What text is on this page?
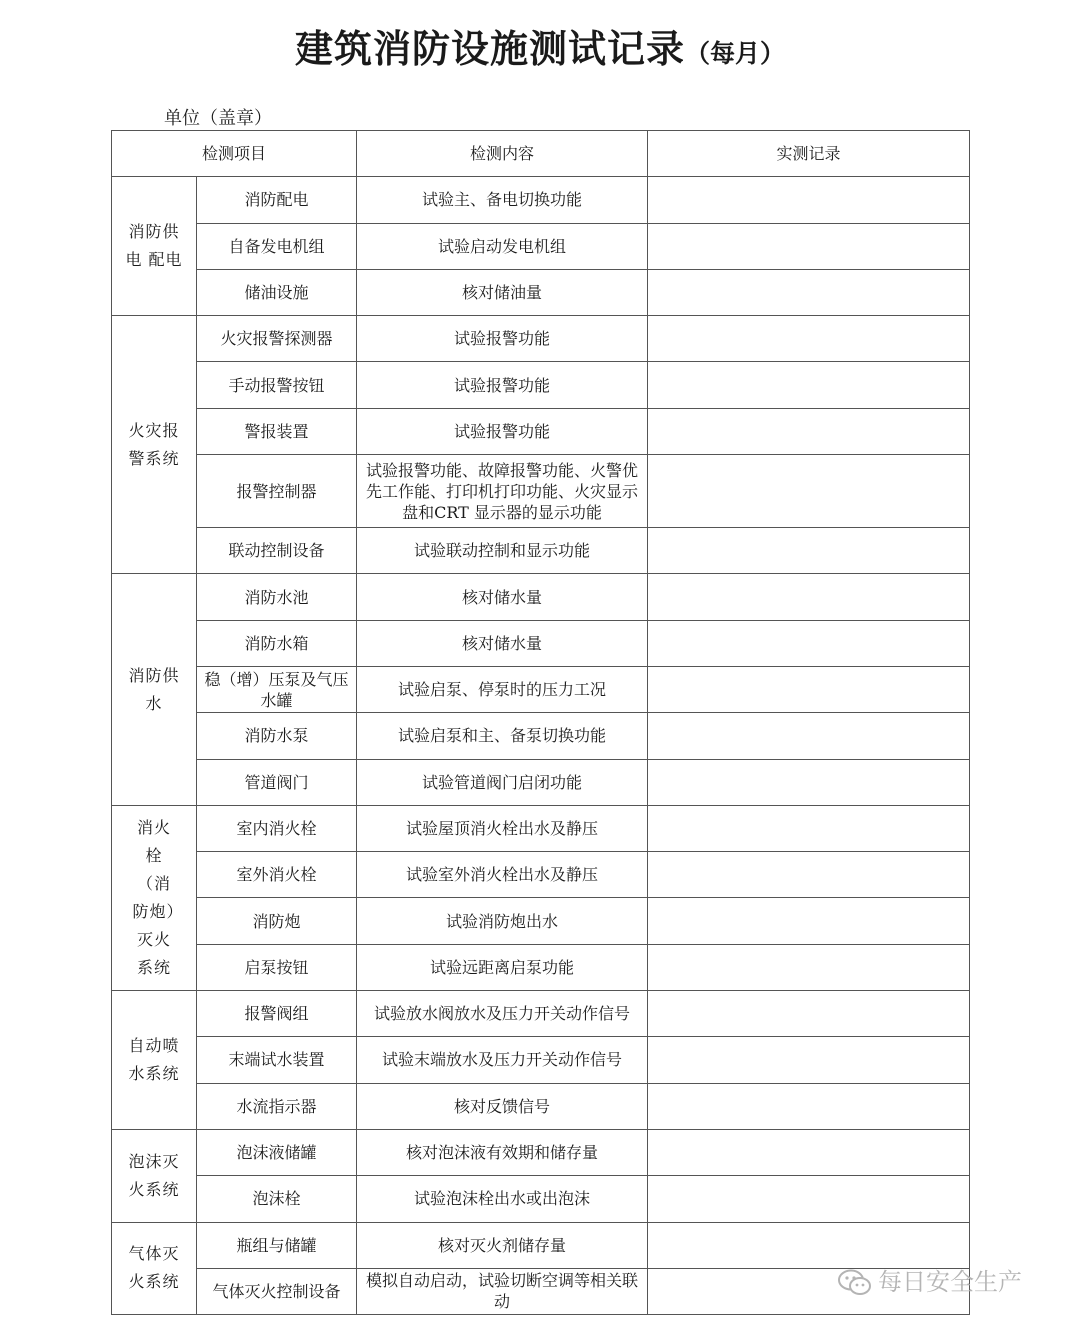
建筑消防设施测试记录（每月）
单位（盖章）
检测项目		检测内容	实测记录
消防供电 配电	消防配电	试验主、备电切换功能	
	自备发电机组	试验启动发电机组	
	储油设施	核对储油量	
火灾报警系统	火灾报警探测器	试验报警功能	
	手动报警按钮	试验报警功能	
	警报装置	试验报警功能	
	报警控制器	试验报警功能、故障报警功能、火警优先工作能、打印机打印功能、火灾显示盘和CRT 显示器的显示功能	
	联动控制设备	试验联动控制和显示功能	
消防供水	消防水池	核对储水量	
	消防水箱	核对储水量	
	稳（增）压泵及气压水罐	试验启泵、停泵时的压力工况	
	消防水泵	试验启泵和主、备泵切换功能	
	管道阀门	试验管道阀门启闭功能	
消火栓（消防炮）灭火系统	室内消火栓	试验屋顶消火栓出水及静压	
	室外消火栓	试验室外消火栓出水及静压	
	消防炮	试验消防炮出水	
	启泵按钮	试验远距离启泵功能	
自动喷水系统	报警阀组	试验放水阀放水及压力开关动作信号	
	末端试水装置	试验末端放水及压力开关动作信号	
	水流指示器	核对反馈信号	
泡沫灭火系统	泡沫液储罐	核对泡沫液有效期和储存量	
	泡沫栓	试验泡沫栓出水或出泡沫	
气体灭火系统	瓶组与储罐	核对灭火剂储存量	
	气体灭火控制设备	模拟自动启动，试验切断空调等相关联动	
每日安全生产
